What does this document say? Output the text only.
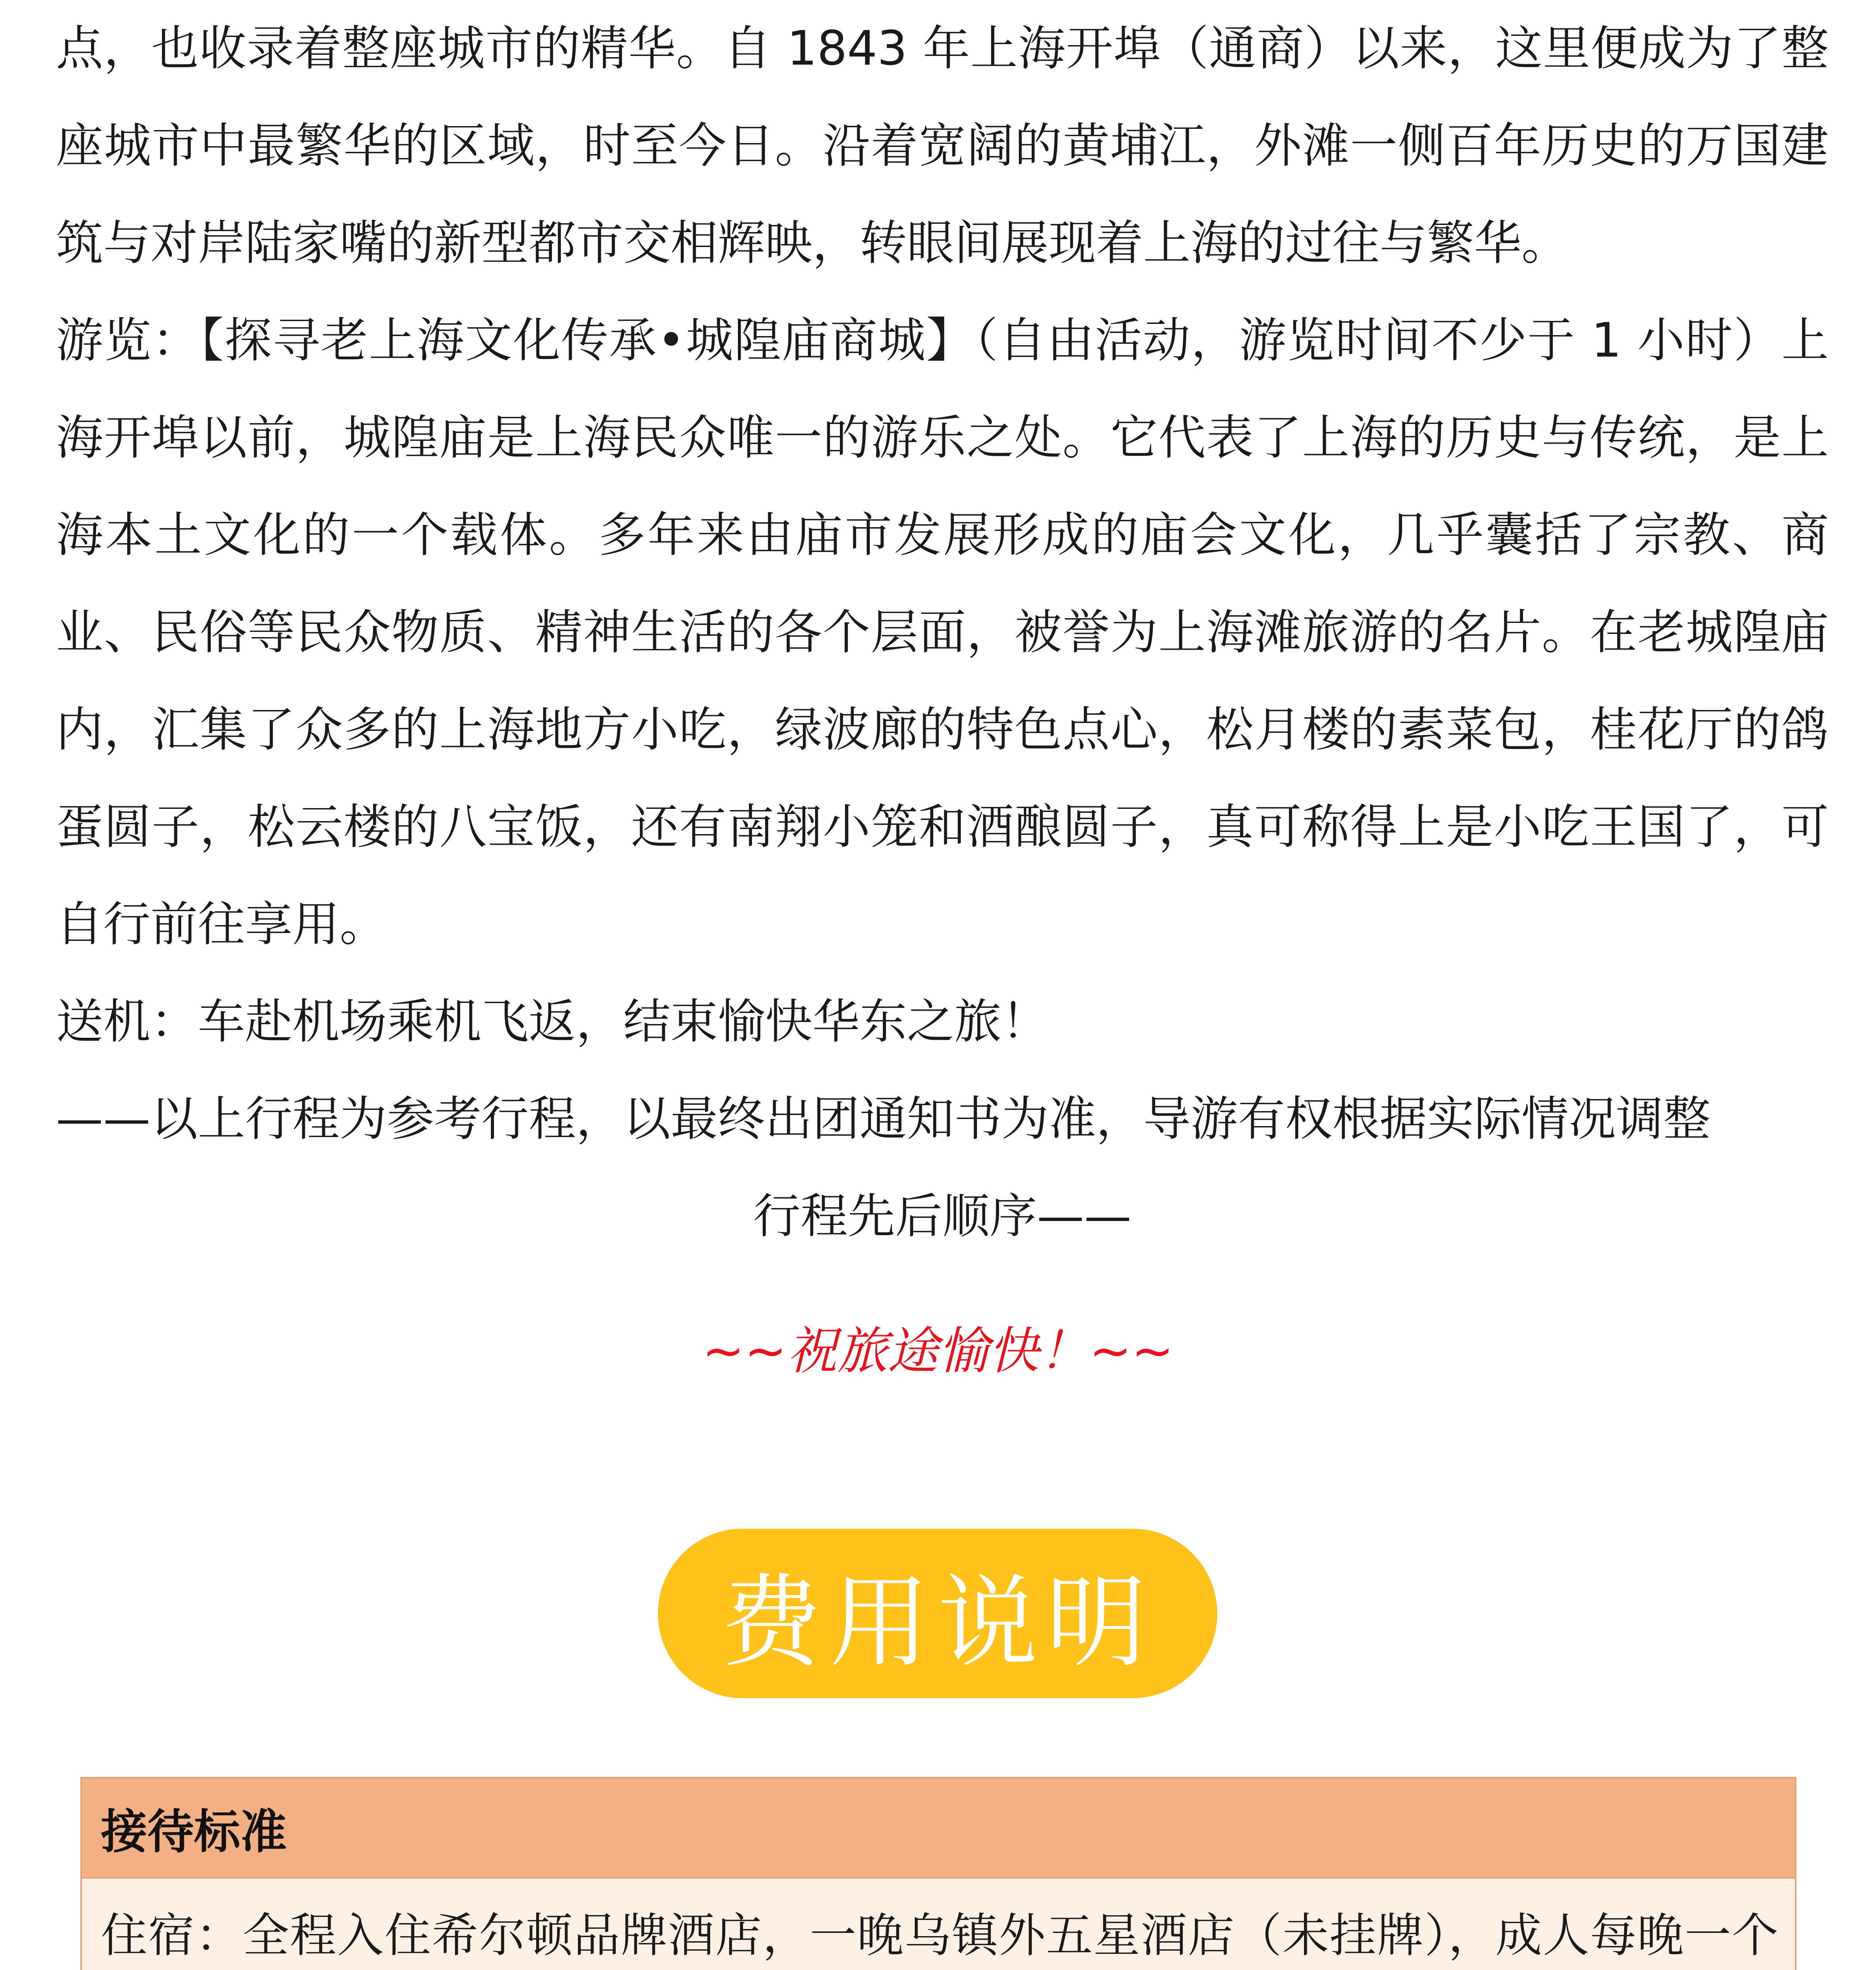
点，也收录着整座城市的精华。自 1843 年上海开埠（通商）以来，这里便成为了整座城市中最繁华的区域，时至今日。沿着宽阔的黄埔江，外滩一侧百年历史的万国建筑与对岸陆家嘴的新型都市交相辉映，转眼间展现着上海的过往与繁华。

游览：【探寻老上海文化传承•城隍庙商城】（自由活动，游览时间不少于 1 小时）上海开埠以前，城隍庙是上海民众唯一的游乐之处。它代表了上海的历史与传统，是上海本土文化的一个载体。多年来由庙市发展形成的庙会文化，几乎囊括了宗教、商业、民俗等民众物质、精神生活的各个层面，被誉为上海滩旅游的名片。在老城隍庙内，汇集了众多的上海地方小吃，绿波廊的特色点心，松月楼的素菜包，桂花厅的鸽蛋圆子，松云楼的八宝饭，还有南翔小笼和酒酿圆子，真可称得上是小吃王国了，可自行前往享用。

送机：车赴机场乘机飞返，结束愉快华东之旅！

——以上行程为参考行程，以最终出团通知书为准，导游有权根据实际情况调整

行程先后顺序——

~~祝旅途愉快！~~
费用说明
接待标准

住宿：全程入住希尔顿品牌酒店，一晚乌镇外五星酒店（未挂牌），成人每晚一个
